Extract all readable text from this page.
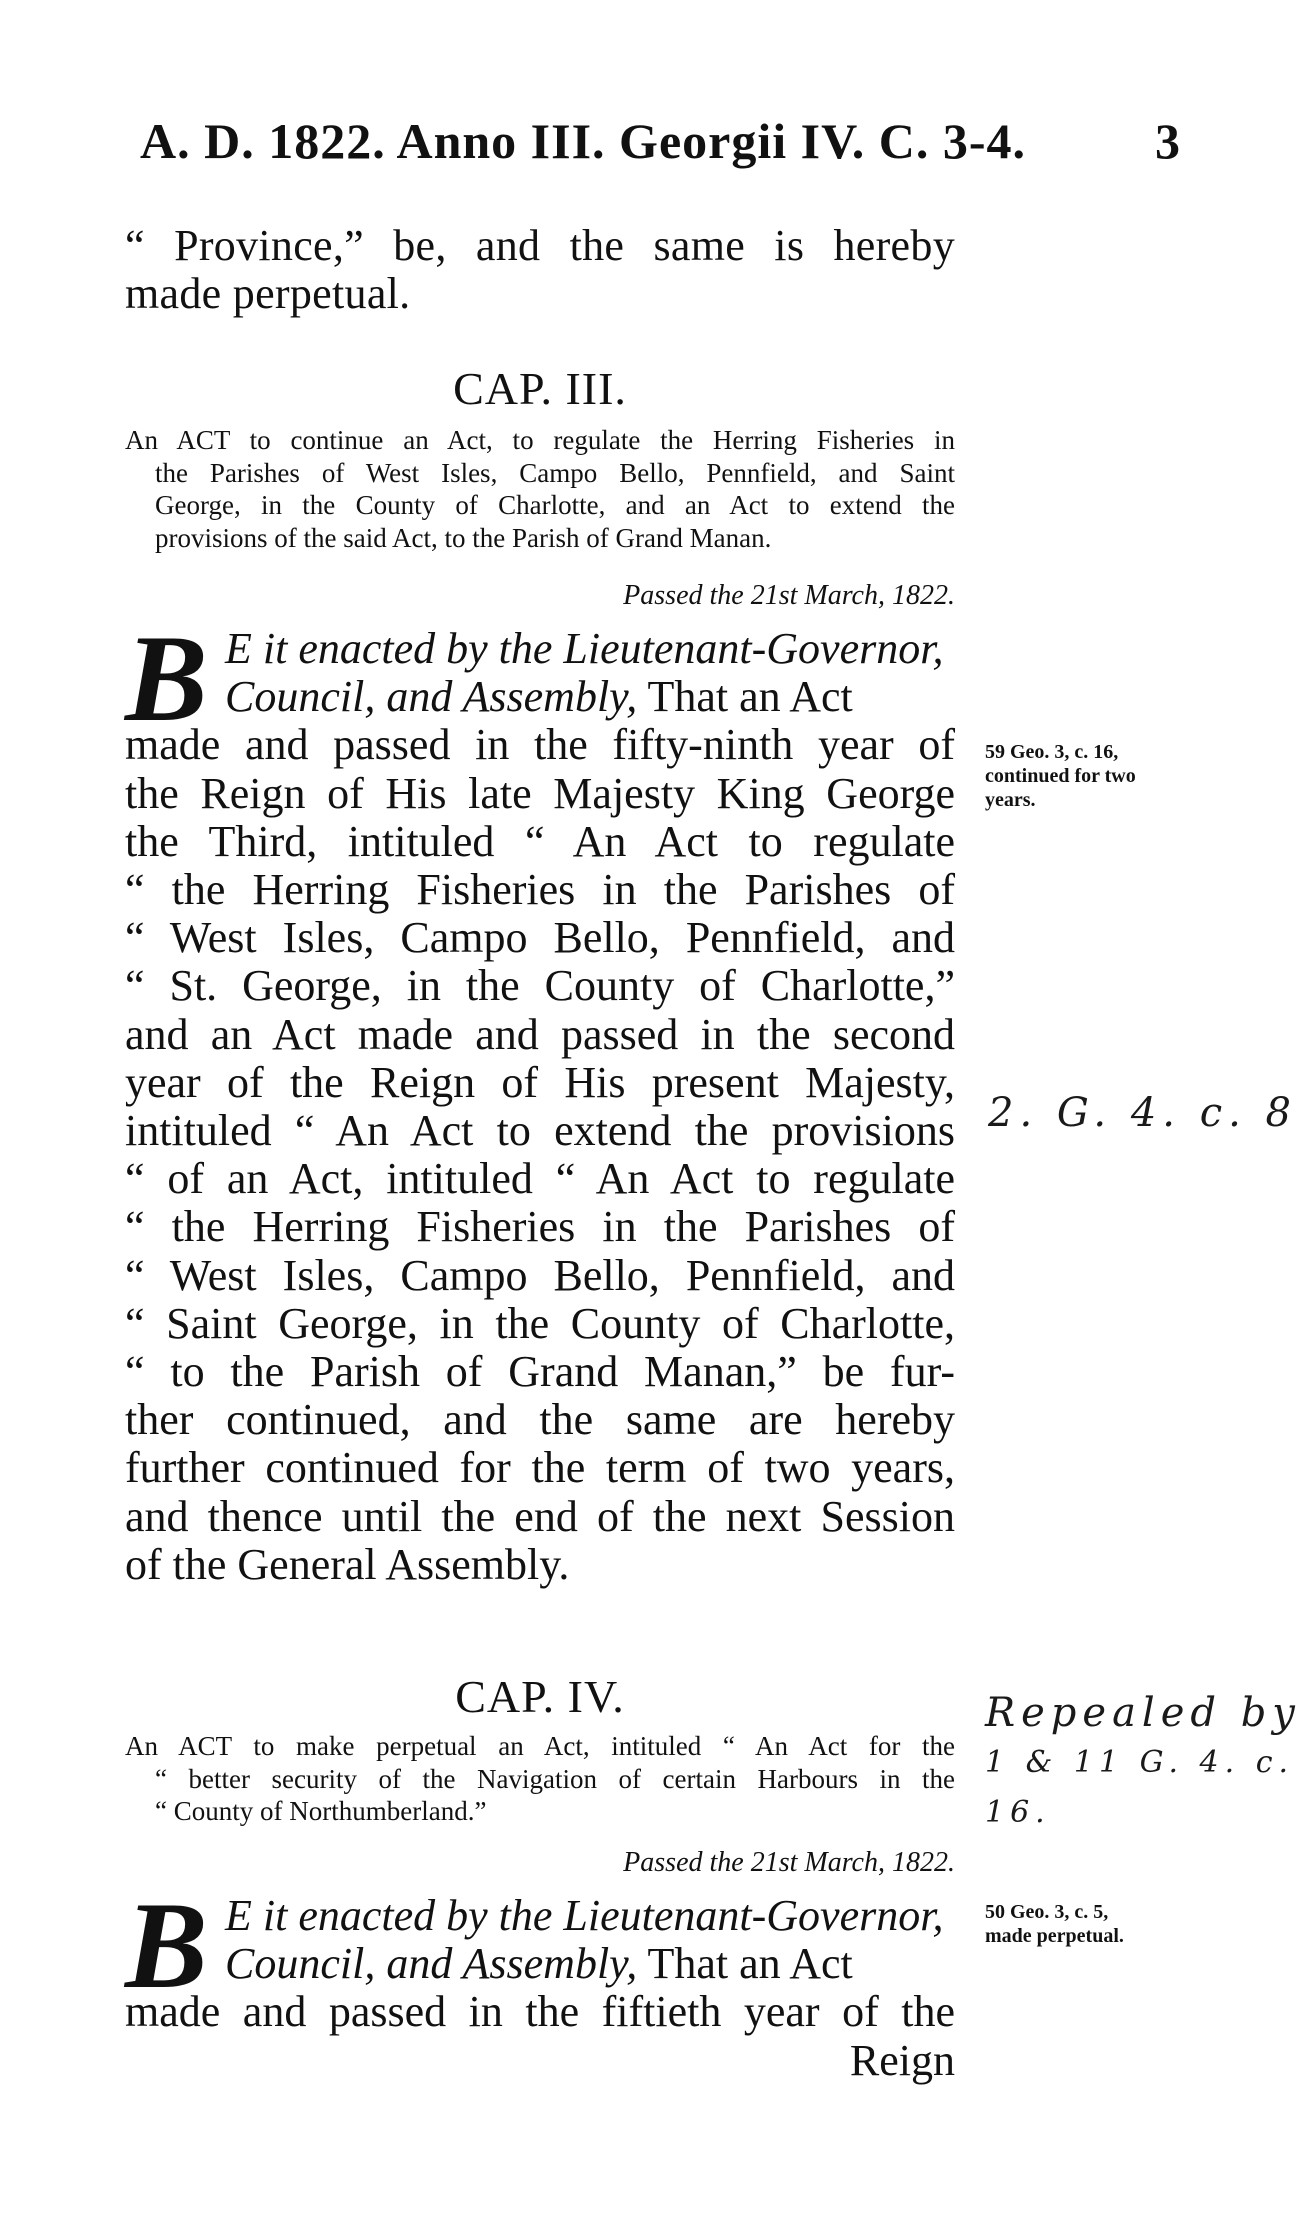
A. D. 1822. Anno III. Georgii IV. C. 3-4.	3
“ Province,” be, and the same is hereby
made perpetual.
CAP. III.
An ACT to continue an Act, to regulate the Herring Fisheries in
the Parishes of West Isles, Campo Bello, Pennfield, and Saint
George, in the County of Charlotte, and an Act to extend the
provisions of the said Act, to the Parish of Grand Manan.
Passed the 21st March, 1822.
B E it enacted by the Lieutenant-Governor,
Council, and Assembly, That an Act
made and passed in the fifty-ninth year of
the Reign of His late Majesty King George
the Third, intituled “ An Act to regulate
“ the Herring Fisheries in the Parishes of
“ West Isles, Campo Bello, Pennfield, and
“ St. George, in the County of Charlotte,”
and an Act made and passed in the second
year of the Reign of His present Majesty,
intituled “ An Act to extend the provisions
“ of an Act, intituled “ An Act to regulate
“ the Herring Fisheries in the Parishes of
“ West Isles, Campo Bello, Pennfield, and
“ Saint George, in the County of Charlotte,
“ to the Parish of Grand Manan,” be fur-
ther continued, and the same are hereby
further continued for the term of two years,
and thence until the end of the next Session
of the General Assembly.
59 Geo. 3, c. 16,
continued for two
years.
2. G. 4. c. 8
CAP. IV.
An ACT to make perpetual an Act, intituled “ An Act for the
“ better security of the Navigation of certain Harbours in the
“ County of Northumberland.”
Passed the 21st March, 1822.
B E it enacted by the Lieutenant-Governor,
Council, and Assembly, That an Act
made and passed in the fiftieth year of the
Reign
50 Geo. 3, c. 5,
made perpetual.
Repealed by
1 & 11 G. 4. c. 16.
